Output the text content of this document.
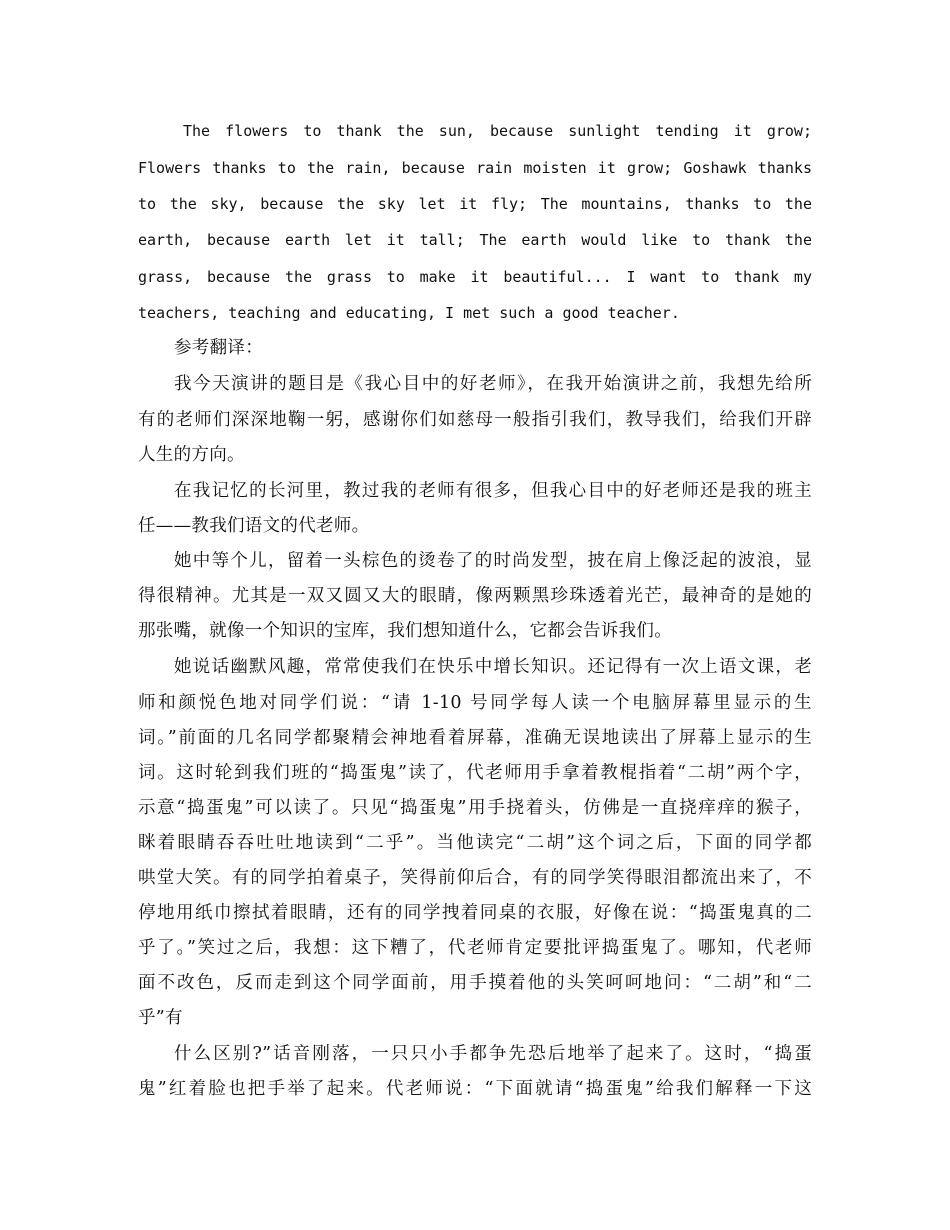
The flowers to thank the sun, because sunlight tending it grow;
Flowers thanks to the rain, because rain moisten it grow; Goshawk thanks
to the sky, because the sky let it fly; The mountains, thanks to the
earth, because earth let it tall; The earth would like to thank the
grass, because the grass to make it beautiful... I want to thank my
teachers, teaching and educating, I met such a good teacher.
参考翻译：
我今天演讲的题目是《我心目中的好老师》，在我开始演讲之前，我想先给所
有的老师们深深地鞠一躬，感谢你们如慈母一般指引我们，教导我们，给我们开辟
人生的方向。
在我记忆的长河里，教过我的老师有很多，但我心目中的好老师还是我的班主
任——教我们语文的代老师。
她中等个儿，留着一头棕色的烫卷了的时尚发型，披在肩上像泛起的波浪，显
得很精神。尤其是一双又圆又大的眼睛，像两颗黑珍珠透着光芒，最神奇的是她的
那张嘴，就像一个知识的宝库，我们想知道什么，它都会告诉我们。
她说话幽默风趣，常常使我们在快乐中增长知识。还记得有一次上语文课，老
师和颜悦色地对同学们说：“请 1-10 号同学每人读一个电脑屏幕里显示的生
词。”前面的几名同学都聚精会神地看着屏幕，准确无误地读出了屏幕上显示的生
词。这时轮到我们班的“捣蛋鬼”读了，代老师用手拿着教棍指着“二胡”两个字，
示意“捣蛋鬼”可以读了。只见“捣蛋鬼”用手挠着头，仿佛是一直挠痒痒的猴子，
眯着眼睛吞吞吐吐地读到“二乎”。当他读完“二胡”这个词之后，下面的同学都
哄堂大笑。有的同学拍着桌子，笑得前仰后合，有的同学笑得眼泪都流出来了，不
停地用纸巾擦拭着眼睛，还有的同学拽着同桌的衣服，好像在说：“捣蛋鬼真的二
乎了。”笑过之后，我想：这下糟了，代老师肯定要批评捣蛋鬼了。哪知，代老师
面不改色，反而走到这个同学面前，用手摸着他的头笑呵呵地问：“二胡”和“二
乎”有
什么区别?”话音刚落，一只只小手都争先恐后地举了起来了。这时，“捣蛋
鬼”红着脸也把手举了起来。代老师说：“下面就请“捣蛋鬼”给我们解释一下这
